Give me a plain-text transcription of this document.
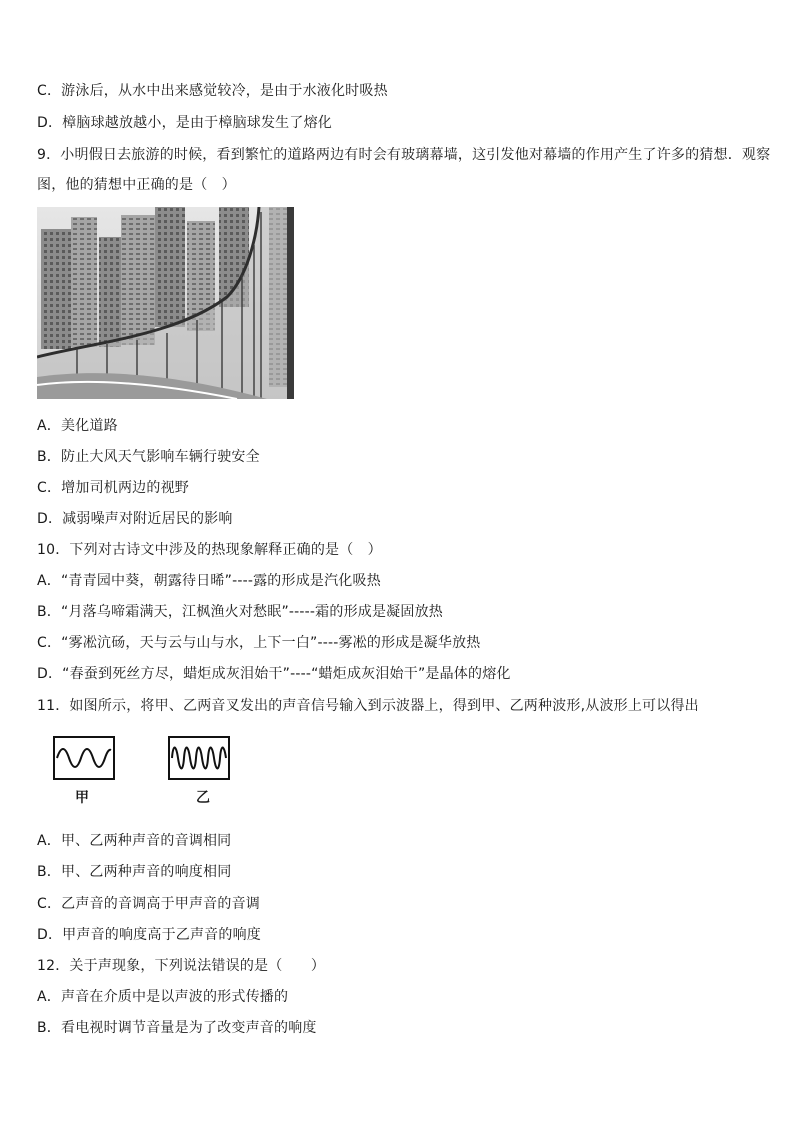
C．游泳后，从水中出来感觉较冷，是由于水液化时吸热
D．樟脑球越放越小，是由于樟脑球发生了熔化
9．小明假日去旅游的时候，看到繁忙的道路两边有时会有玻璃幕墙，这引发他对幕墙的作用产生了许多的猜想．观察
图，他的猜想中正确的是（　）
A．美化道路
B．防止大风天气影响车辆行驶安全
C．增加司机两边的视野
D．减弱噪声对附近居民的影响
10．下列对古诗文中涉及的热现象解释正确的是（　）
A．“青青园中葵，朝露待日晞”----露的形成是汽化吸热
B．“月落乌啼霜满天，江枫渔火对愁眠”-----霜的形成是凝固放热
C．“雾凇沆砀，天与云与山与水，上下一白”----雾凇的形成是凝华放热
D．“春蚕到死丝方尽，蜡炬成灰泪始干”----“蜡炬成灰泪始干”是晶体的熔化
11．如图所示，将甲、乙两音叉发出的声音信号输入到示波器上，得到甲、乙两种波形,从波形上可以得出
甲	乙
A．甲、乙两种声音的音调相同
B．甲、乙两种声音的响度相同
C．乙声音的音调高于甲声音的音调
D．甲声音的响度高于乙声音的响度
12．关于声现象，下列说法错误的是（　　）
A．声音在介质中是以声波的形式传播的
B．看电视时调节音量是为了改变声音的响度
